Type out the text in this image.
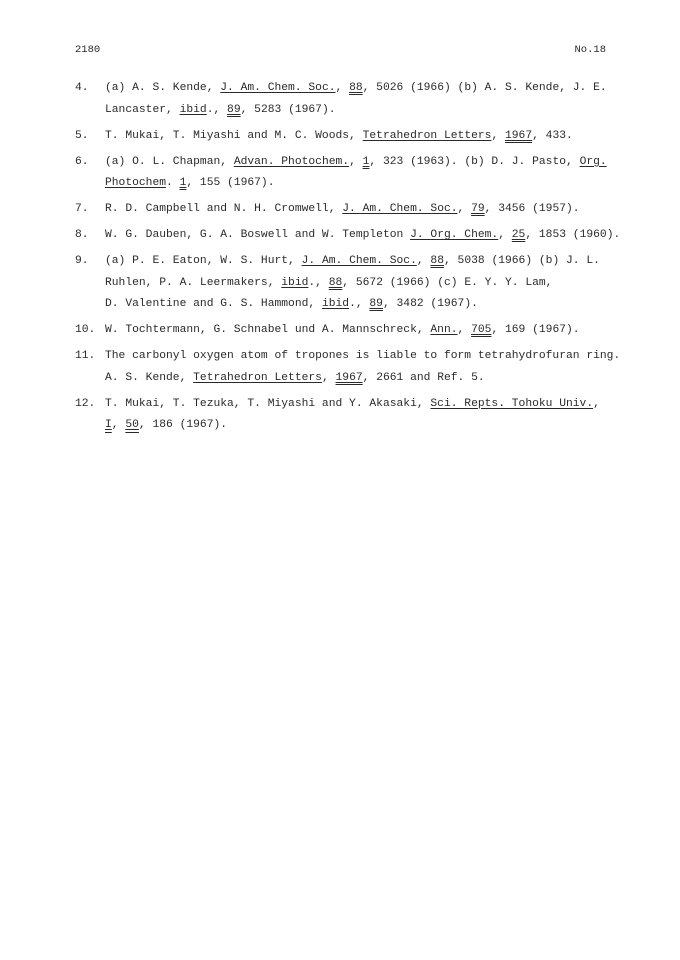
2180	No.18
4. (a) A. S. Kende, J. Am. Chem. Soc., 88, 5026 (1966) (b) A. S. Kende, J. E.
Lancaster, ibid., 89, 5283 (1967).
5. T. Mukai, T. Miyashi and M. C. Woods, Tetrahedron Letters, 1967, 433.
6. (a) O. L. Chapman, Advan. Photochem., 1, 323 (1963). (b) D. J. Pasto, Org.
Photochem. 1, 155 (1967).
7. R. D. Campbell and N. H. Cromwell, J. Am. Chem. Soc., 79, 3456 (1957).
8. W. G. Dauben, G. A. Boswell and W. Templeton J. Org. Chem., 25, 1853 (1960).
9. (a) P. E. Eaton, W. S. Hurt, J. Am. Chem. Soc., 88, 5038 (1966) (b) J. L.
Ruhlen, P. A. Leermakers, ibid., 88, 5672 (1966) (c) E. Y. Y. Lam,
D. Valentine and G. S. Hammond, ibid., 89, 3482 (1967).
10. W. Tochtermann, G. Schnabel und A. Mannschreck, Ann., 705, 169 (1967).
11. The carbonyl oxygen atom of tropones is liable to form tetrahydrofuran ring.
A. S. Kende, Tetrahedron Letters, 1967, 2661 and Ref. 5.
12. T. Mukai, T. Tezuka, T. Miyashi and Y. Akasaki, Sci. Repts. Tohoku Univ.,
I, 50, 186 (1967).
